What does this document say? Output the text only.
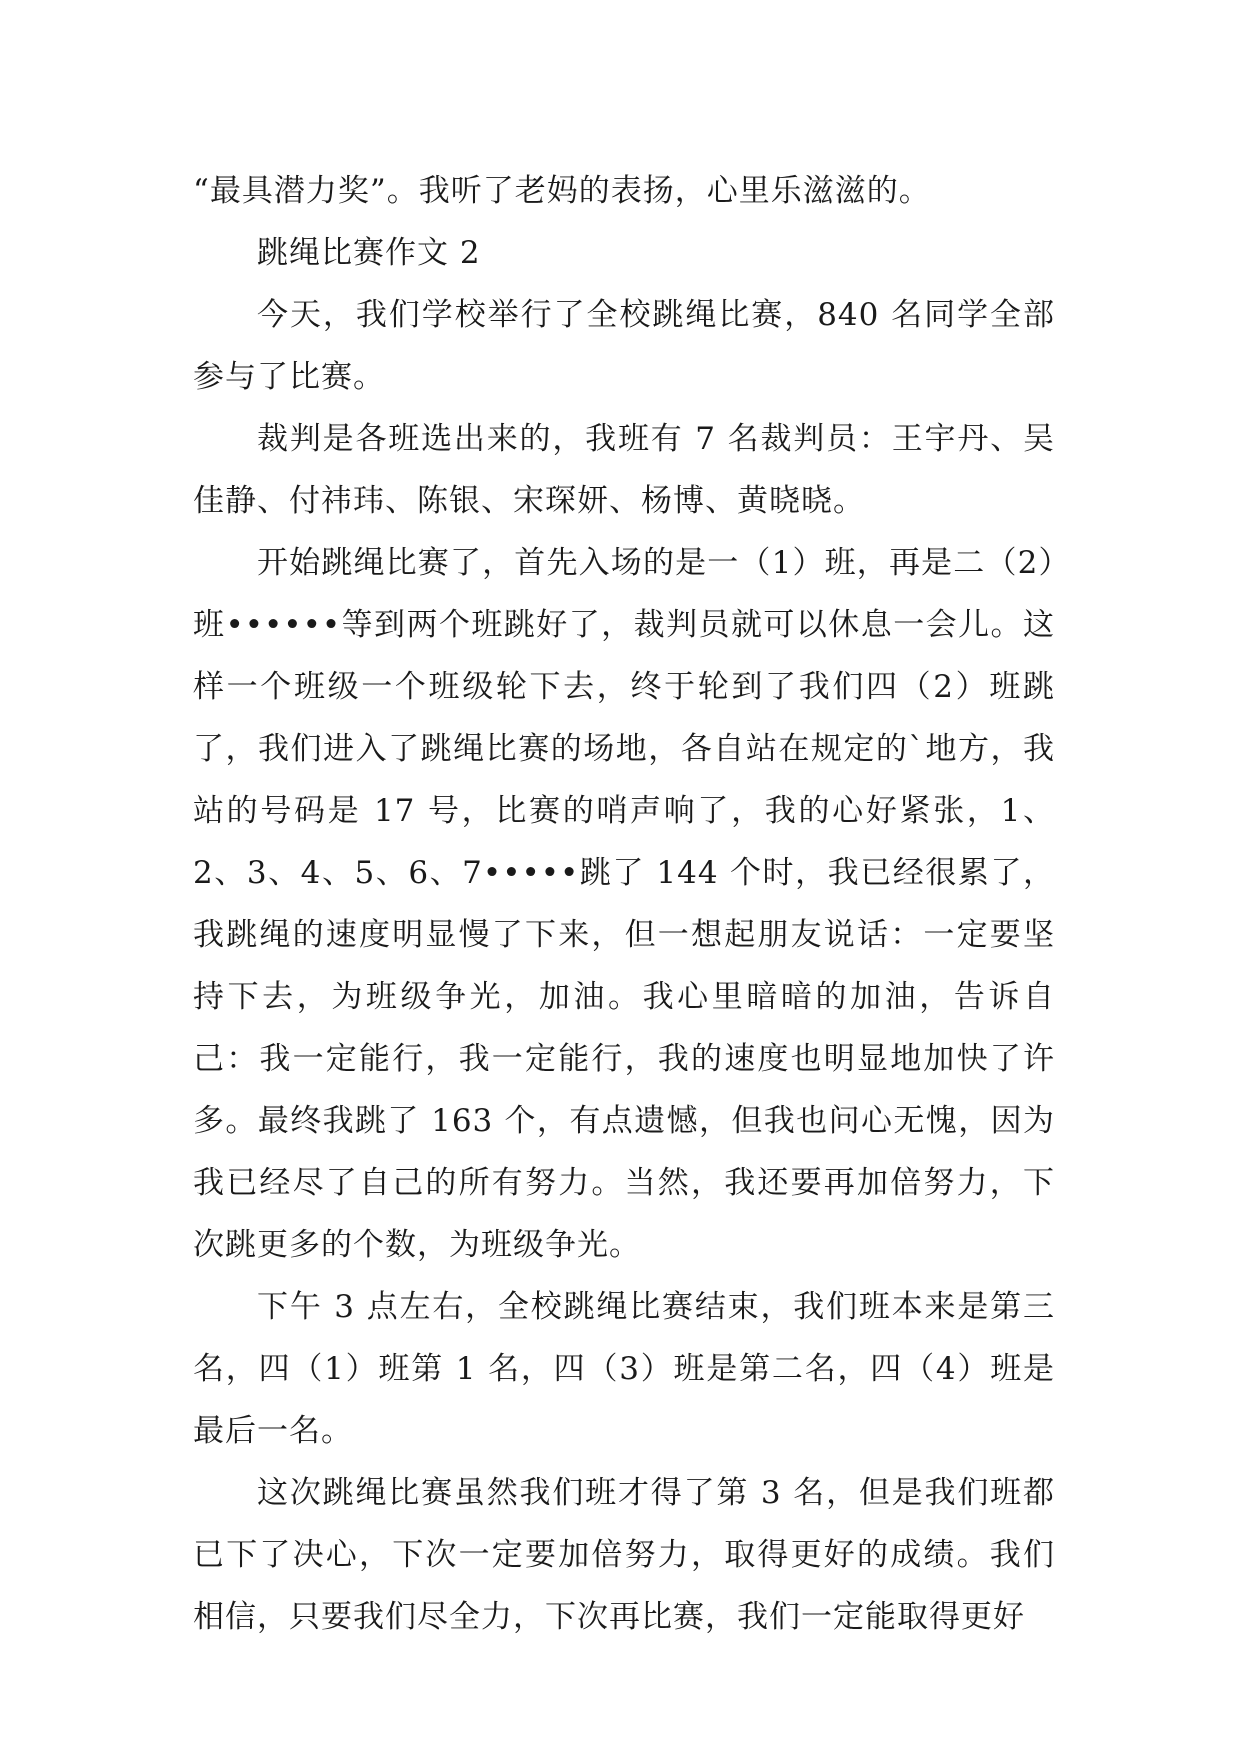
“最具潜力奖”。我听了老妈的表扬，心里乐滋滋的。

跳绳比赛作文 2

今天，我们学校举行了全校跳绳比赛，840 名同学全部参与了比赛。

裁判是各班选出来的，我班有 7 名裁判员：王宇丹、吴佳静、付祎玮、陈银、宋琛妍、杨博、黄晓晓。

开始跳绳比赛了，首先入场的是一（1）班，再是二（2）班••••••等到两个班跳好了，裁判员就可以休息一会儿。这样一个班级一个班级轮下去，终于轮到了我们四（2）班跳了，我们进入了跳绳比赛的场地，各自站在规定的`地方，我站的号码是 17 号，比赛的哨声响了，我的心好紧张，1、2、3、4、5、6、7•••••跳了 144 个时，我已经很累了，我跳绳的速度明显慢了下来，但一想起朋友说话：一定要坚持下去，为班级争光，加油。我心里暗暗的加油，告诉自己：我一定能行，我一定能行，我的速度也明显地加快了许多。最终我跳了 163 个，有点遗憾，但我也问心无愧，因为我已经尽了自己的所有努力。当然，我还要再加倍努力，下次跳更多的个数，为班级争光。

下午 3 点左右，全校跳绳比赛结束，我们班本来是第三名，四（1）班第 1 名，四（3）班是第二名，四（4）班是最后一名。

这次跳绳比赛虽然我们班才得了第 3 名，但是我们班都已下了决心，下次一定要加倍努力，取得更好的成绩。我们相信，只要我们尽全力，下次再比赛，我们一定能取得更好
